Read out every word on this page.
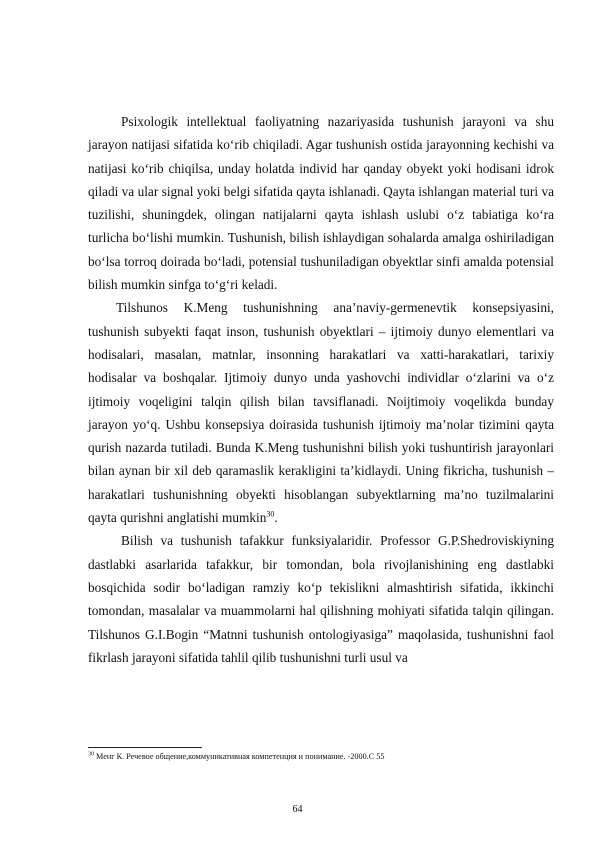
Psixologik intellektual faoliyatning nazariyasida tushunish jarayoni va shu jarayon natijasi sifatida ko‘rib chiqiladi. Agar tushunish ostida jarayonning kechishi va natijasi ko‘rib chiqilsa, unday holatda individ har qanday obyekt yoki hodisani idrok qiladi va ular signal yoki belgi sifatida qayta ishlanadi. Qayta ishlangan material turi va tuzilishi, shuningdek, olingan natijalarni qayta ishlash uslubi o‘z tabiatiga ko‘ra turlicha bo‘lishi mumkin. Tushunish, bilish ishlaydigan sohalarda amalga oshiriladigan bo‘lsa torroq doirada bo‘ladi, potensial tushuniladigan obyektlar sinfi amalda potensial bilish mumkin sinfga to‘g‘ri keladi.

Tilshunos K.Meng tushunishning ana’naviy-germenevtik konsepsiyasini, tushunish subyekti faqat inson, tushunish obyektlari – ijtimoiy dunyo elementlari va hodisalari, masalan, matnlar, insonning harakatlari va xatti-harakatlari, tarixiy hodisalar va boshqalar. Ijtimoiy dunyo unda yashovchi individlar o‘zlarini va o‘z ijtimoiy voqeligini talqin qilish bilan tavsiflanadi. Noijtimoiy voqelikda bunday jarayon yo‘q. Ushbu konsepsiya doirasida tushunish ijtimoiy ma’nolar tizimini qayta qurish nazarda tutiladi. Bunda K.Meng tushunishni bilish yoki tushuntirish jarayonlari bilan aynan bir xil deb qaramaslik kerakligini ta’kidlaydi. Uning fikricha, tushunish – harakatlari tushunishning obyekti hisoblangan subyektlarning ma’no tuzilmalarini qayta qurishni anglatishi mumkin$^{30}$.

Bilish va tushunish tafakkur funksiyalaridir. Professor G.P.Shedroviskiyning dastlabki asarlarida tafakkur, bir tomondan, bola rivojlanishining eng dastlabki bosqichida sodir bo‘ladigan ramziy ko‘p tekislikni almashtirish sifatida, ikkinchi tomondan, masalalar va muammolarni hal qilishning mohiyati sifatida talqin qilingan. Tilshunos G.I.Bogin “Matnni tushunish ontologiyasiga” maqolasida, tushunishni faol fikrlash jarayoni sifatida tahlil qilib tushunishni turli usul va

$^{30}$ Менг К. Речевое общение,коммуникативная компетенция и понимание. -2000.С 55
64
